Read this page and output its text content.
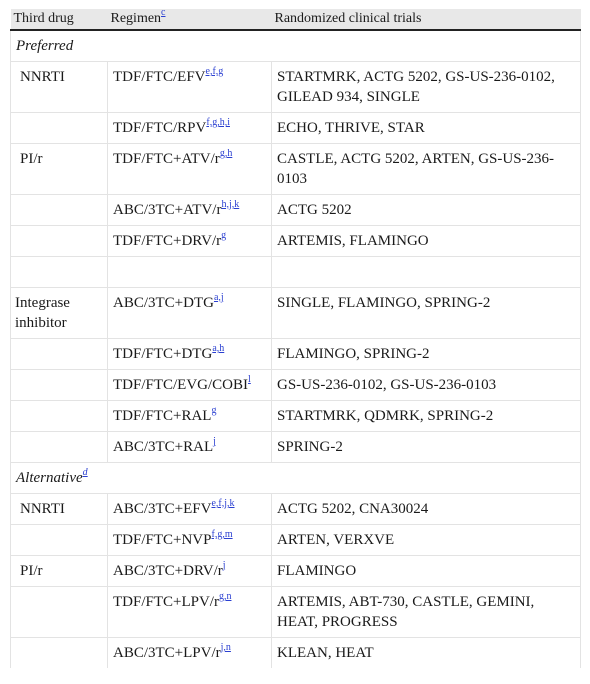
Third drug	Regimen$^c$	Randomized clinical trials
Preferred		
NNRTI	TDF/FTC/EFV$^{e,f,g}$	STARTMRK, ACTG 5202, GS-US-236-0102, GILEAD 934, SINGLE
	TDF/FTC/RPV$^{f,g,h,i}$	ECHO, THRIVE, STAR
PI/r	TDF/FTC+ATV/r$^{g,h}$	CASTLE, ACTG 5202, ARTEN, GS-US-236-0103
	ABC/3TC+ATV/r$^{h,j,k}$	ACTG 5202
	TDF/FTC+DRV/r$^g$	ARTEMIS, FLAMINGO

Integrase inhibitor	ABC/3TC+DTG$^{a,j}$	SINGLE, FLAMINGO, SPRING-2
	TDF/FTC+DTG$^{a,h}$	FLAMINGO, SPRING-2
	TDF/FTC/EVG/COBI$^l$	GS-US-236-0102, GS-US-236-0103
	TDF/FTC+RAL$^g$	STARTMRK, QDMRK, SPRING-2
	ABC/3TC+RAL$^j$	SPRING-2
Alternative$^d$
NNRTI	ABC/3TC+EFV$^{e,f,j,k}$	ACTG 5202, CNA30024
	TDF/FTC+NVP$^{f,g,m}$	ARTEN, VERXVE
PI/r	ABC/3TC+DRV/r$^j$	FLAMINGO
	TDF/FTC+LPV/r$^{g,n}$	ARTEMIS, ABT-730, CASTLE, GEMINI, HEAT, PROGRESS
	ABC/3TC+LPV/r$^{j,n}$	KLEAN, HEAT
